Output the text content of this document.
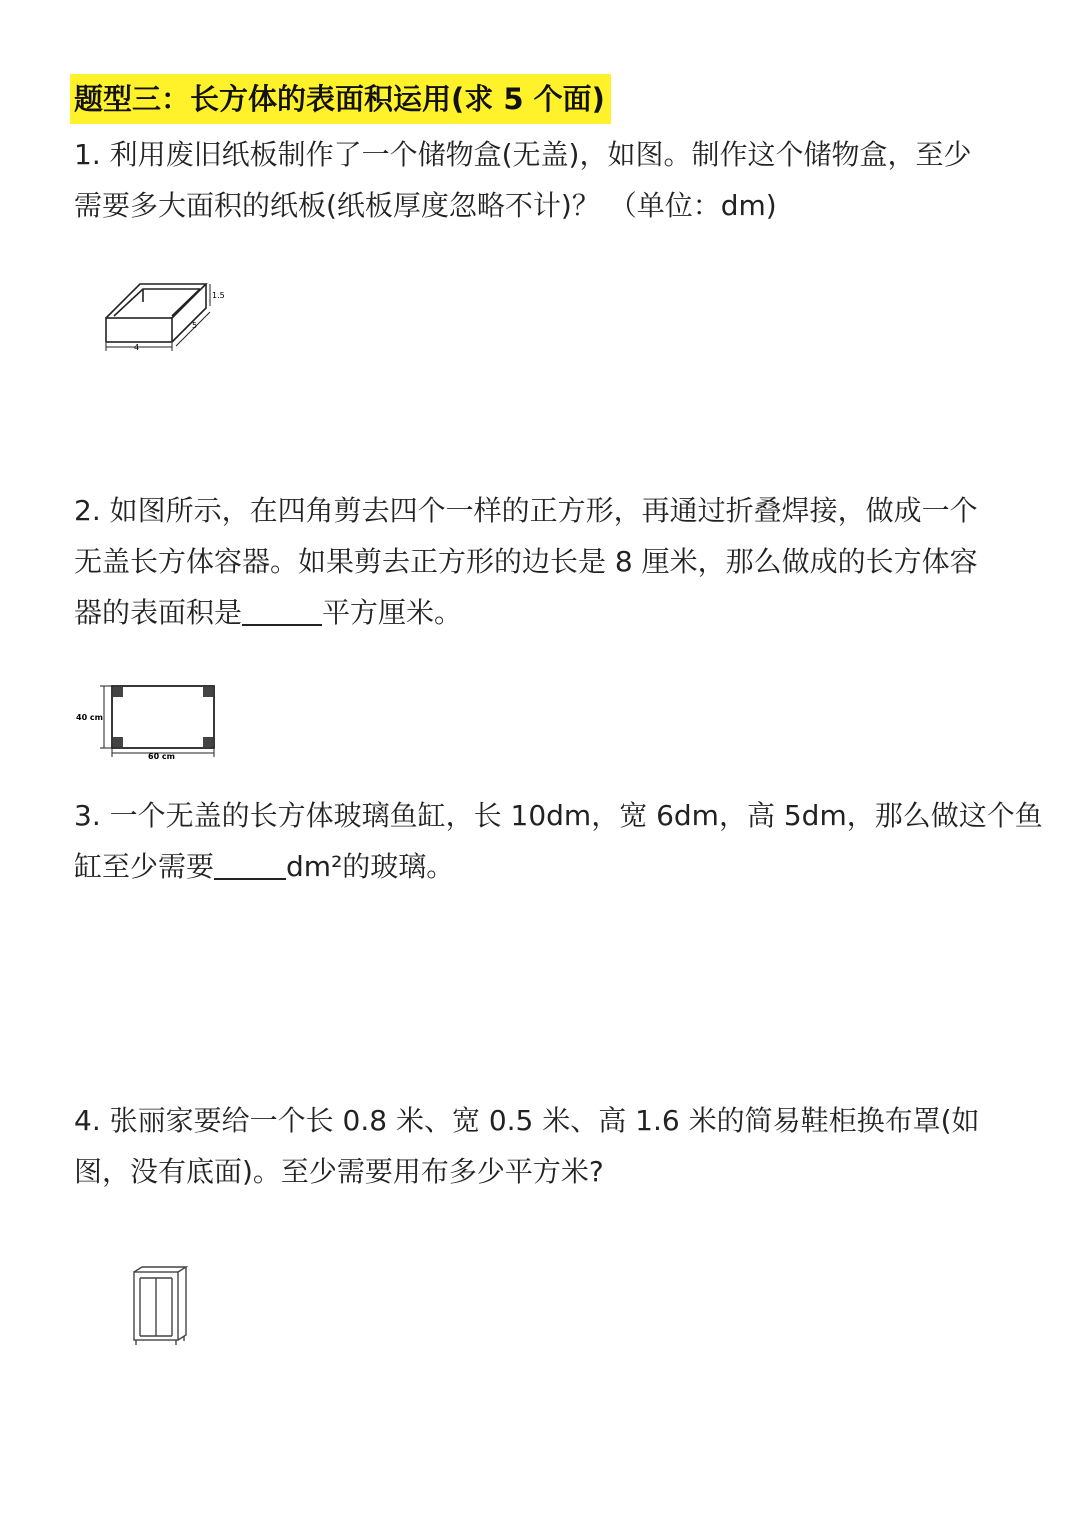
题型三：长方体的表面积运用(求 5 个面)
1. 利用废旧纸板制作了一个储物盒(无盖)，如图。制作这个储物盒，至少
需要多大面积的纸板(纸板厚度忽略不计)？ （单位：dm)
4
5
1.5
2. 如图所示，在四角剪去四个一样的正方形，再通过折叠焊接，做成一个
无盖长方体容器。如果剪去正方形的边长是 8 厘米，那么做成的长方体容
器的表面积是	平方厘米。
40 cm
60 cm
3. 一个无盖的长方体玻璃鱼缸，长 10dm，宽 6dm，高 5dm，那么做这个鱼
缸至少需要	dm²的玻璃。
4. 张丽家要给一个长 0.8 米、宽 0.5 米、高 1.6 米的简易鞋柜换布罩(如
图，没有底面)。至少需要用布多少平方米?
